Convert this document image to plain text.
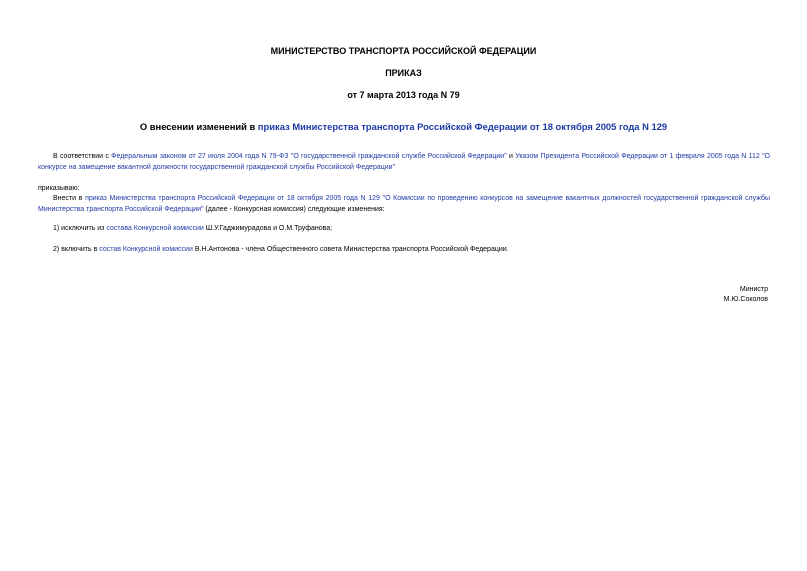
МИНИСТЕРСТВО ТРАНСПОРТА РОССИЙСКОЙ ФЕДЕРАЦИИ
ПРИКАЗ
от 7 марта 2013 года N 79
О внесении изменений в приказ Министерства транспорта Российской Федерации от 18 октября 2005 года N 129
В соответствии с Федеральным законом от 27 июля 2004 года N 79-ФЗ "О государственной гражданской службе Российской Федерации" и Указом Президента Российской Федерации от 1 февраля 2005 года N 112 "О конкурсе на замещение вакантной должности государственной гражданской службы Российской Федерации"
приказываю:
Внести в приказ Министерства транспорта Российской Федерации от 18 октября 2005 года N 129 "О Комиссии по проведению конкурсов на замещение вакантных должностей государственной гражданской службы Министерства транспорта Российской Федерации" (далее - Конкурсная комиссия) следующие изменения:
1) исключить из состава Конкурсной комиссии Ш.У.Гаджимурадова и О.М.Труфанова;
2) включить в состав Конкурсной комиссии В.Н.Антонова - члена Общественного совета Министерства транспорта Российской Федерации.
Министр
М.Ю.Соколов
